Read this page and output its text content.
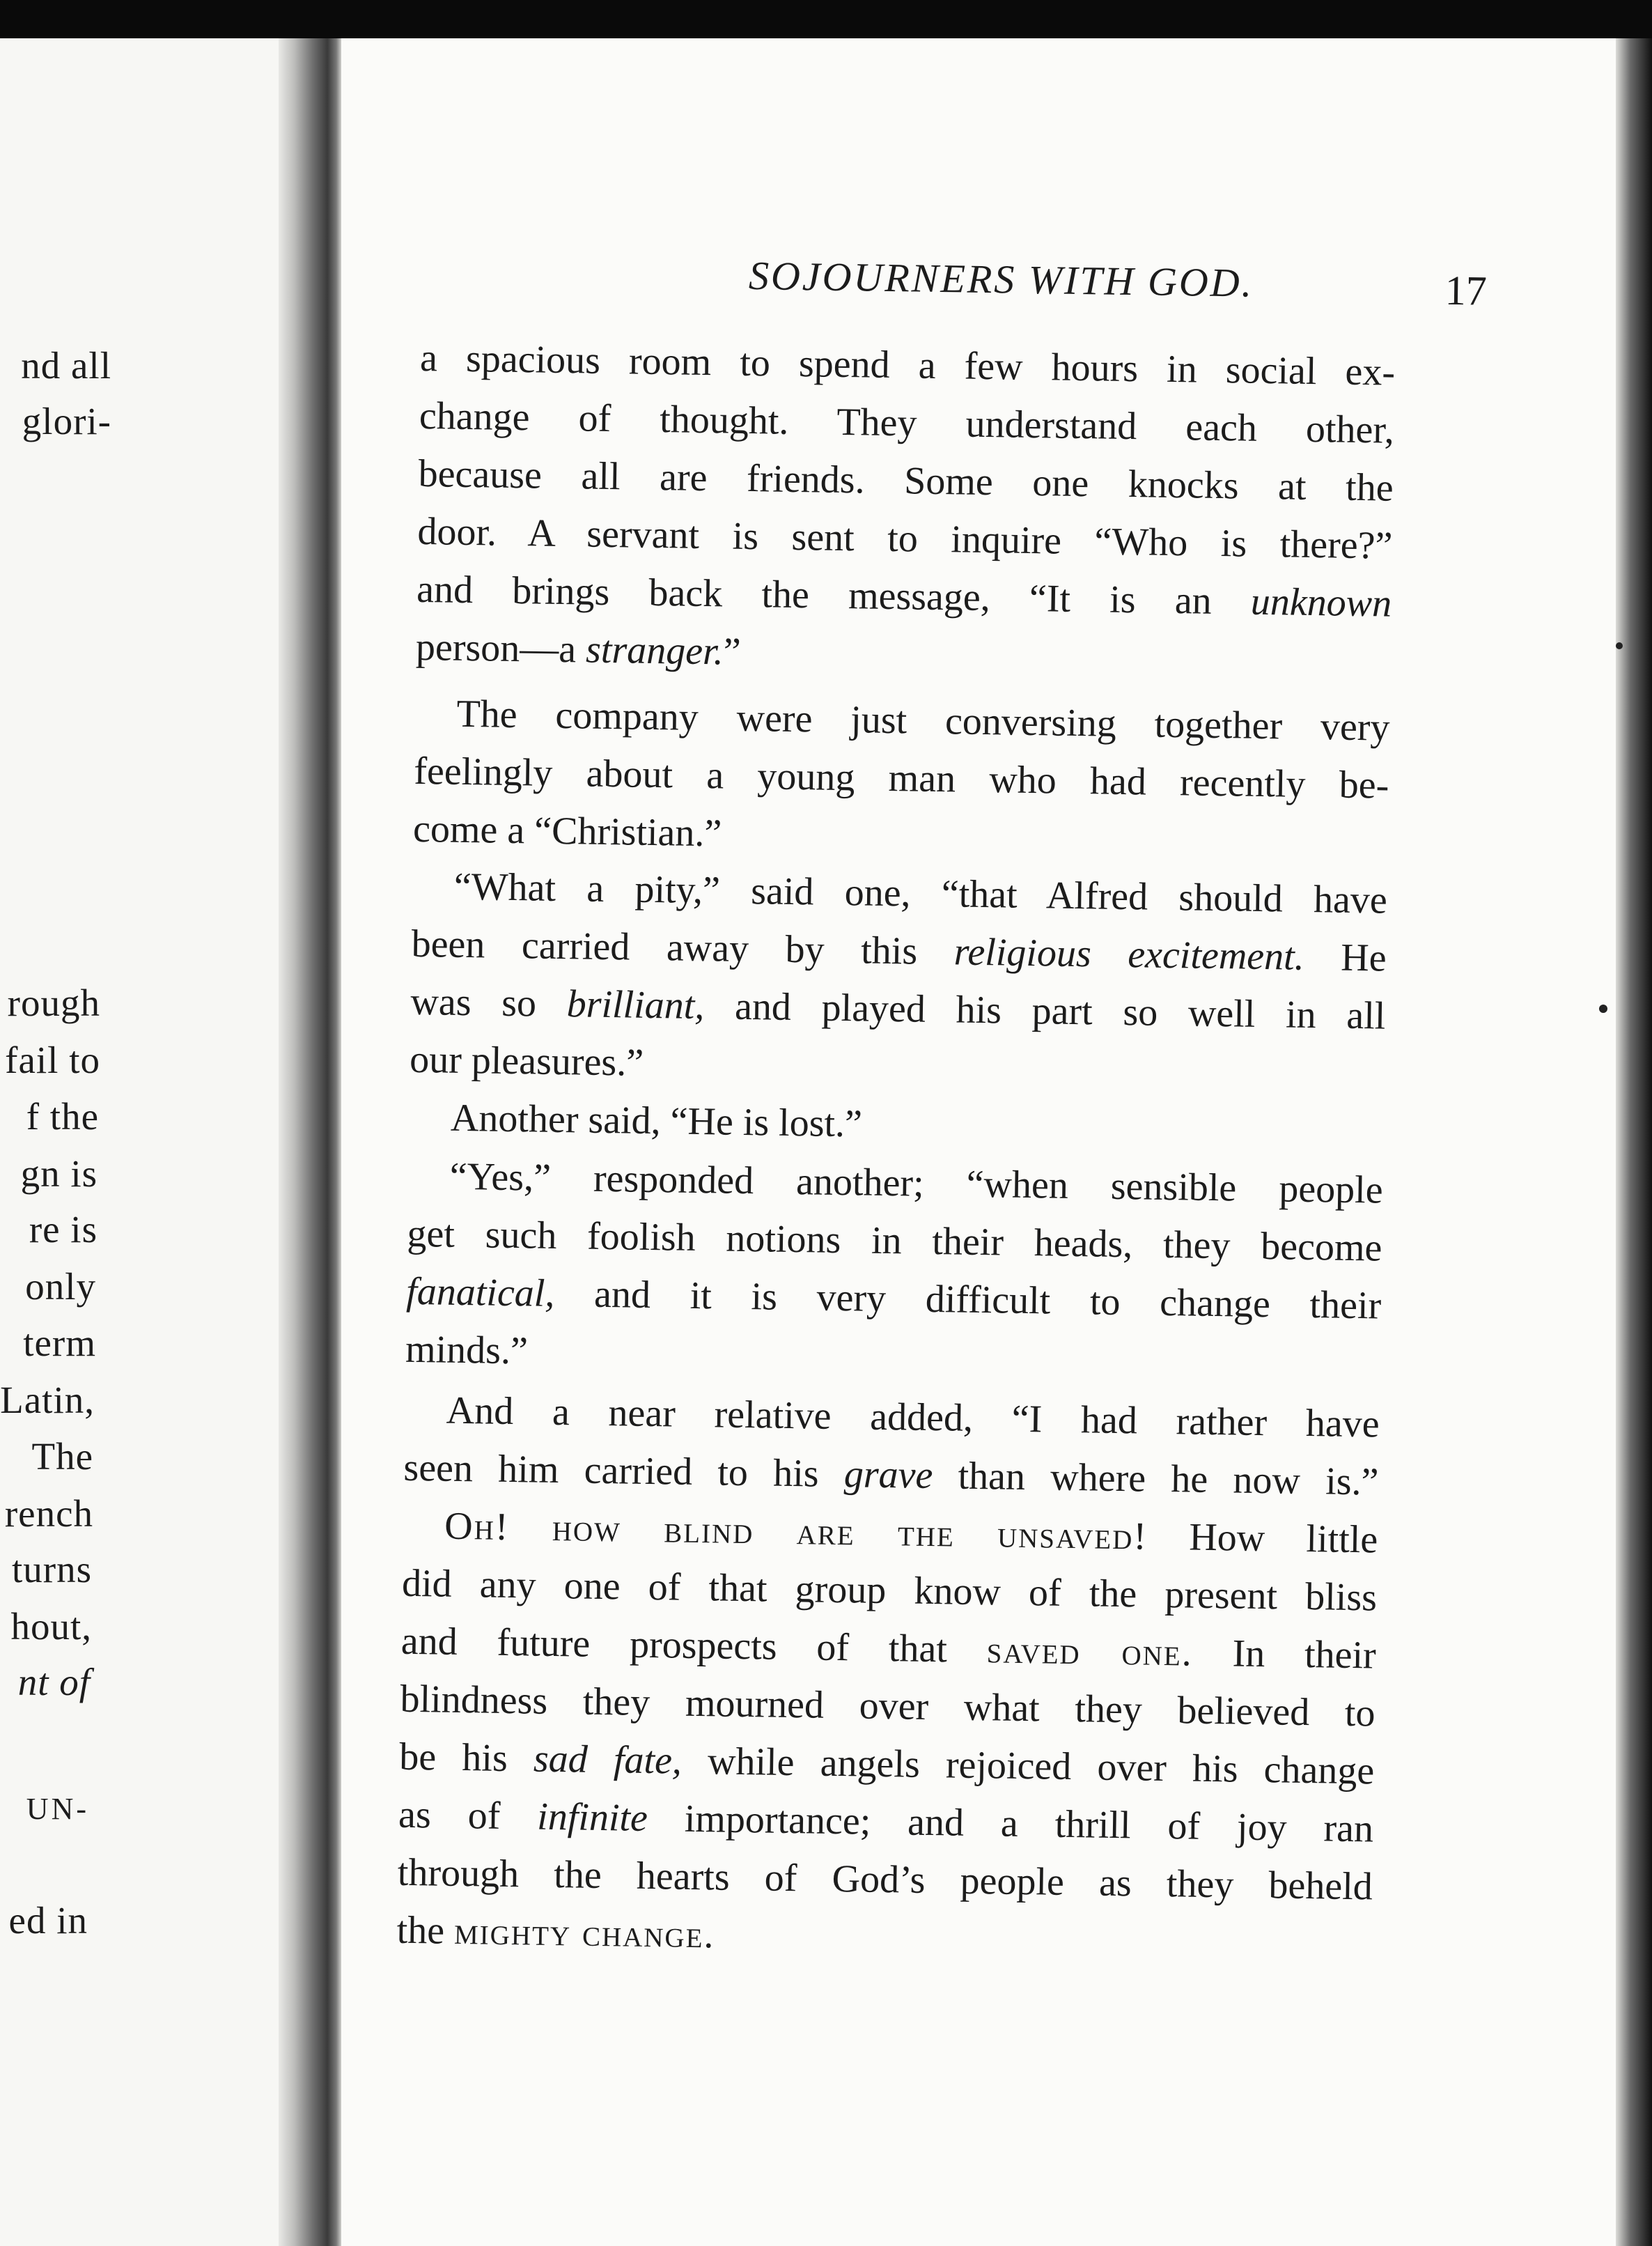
nd all
glori-
rough
fail to
f the
gn is
re is
only
term
Latin,
The
rench
turns
hout,
nt of
UN-
ed in
SOJOURNERS WITH GOD.	17
a spacious room to spend a few hours in social ex-
change of thought. They understand each other,
because all are friends. Some one knocks at the
door. A servant is sent to inquire “Who is there?”
and brings back the message, “It is an unknown
person—a stranger.”
The company were just conversing together very
feelingly about a young man who had recently be-
come a “Christian.”
“What a pity,” said one, “that Alfred should have
been carried away by this religious excitement. He
was so brilliant, and played his part so well in all
our pleasures.”
Another said, “He is lost.”
“Yes,” responded another; “when sensible people
get such foolish notions in their heads, they become
fanatical, and it is very difficult to change their
minds.”
And a near relative added, “I had rather have
seen him carried to his grave than where he now is.”
Oh! how blind are the unsaved! How little
did any one of that group know of the present bliss
and future prospects of that saved one. In their
blindness they mourned over what they believed to
be his sad fate, while angels rejoiced over his change
as of infinite importance; and a thrill of joy ran
through the hearts of God’s people as they beheld
the mighty change.
